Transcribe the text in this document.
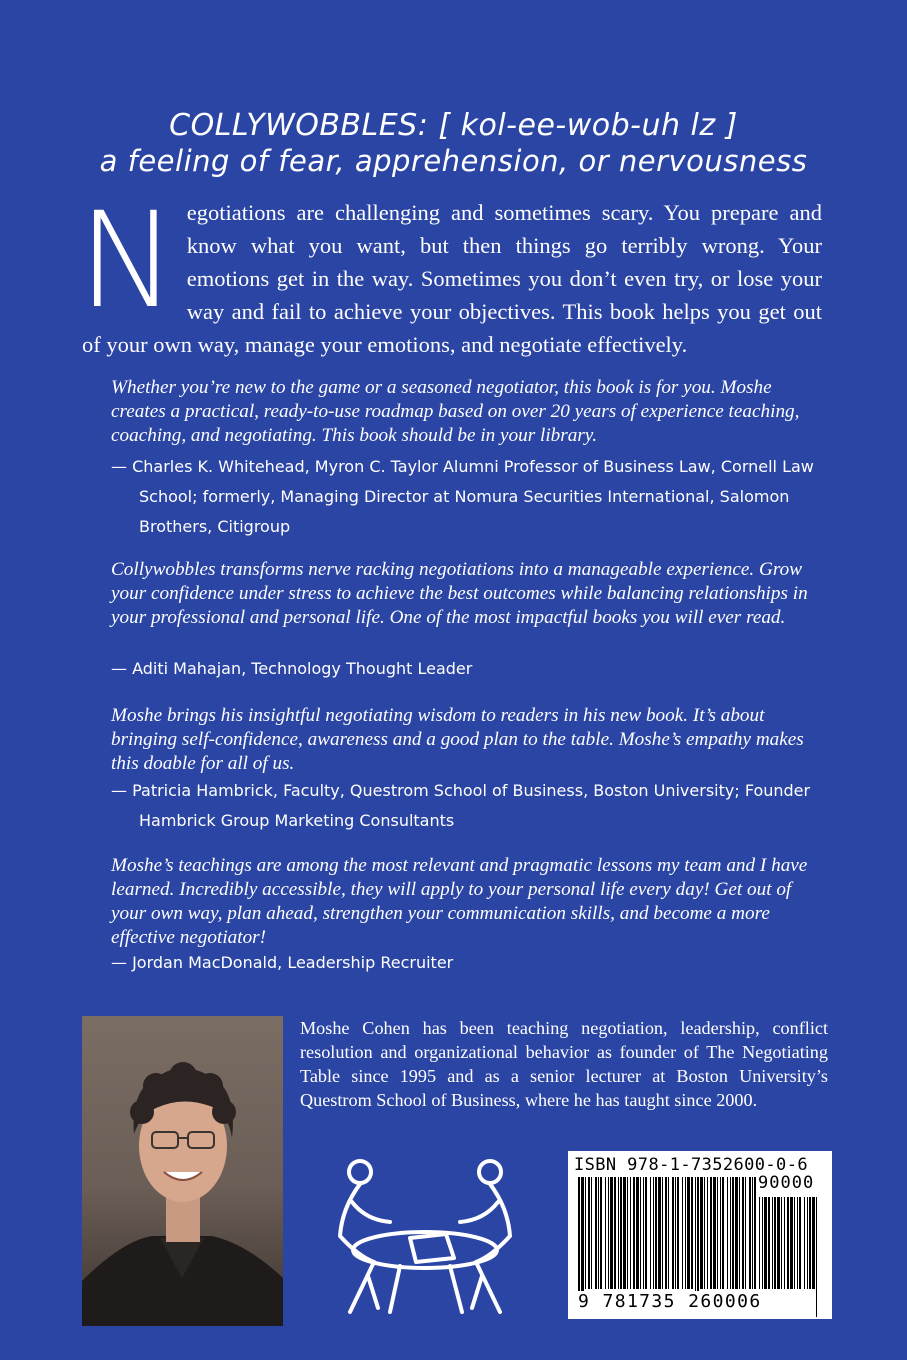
COLLYWOBBLES: [ kol-ee-wob-uh lz ]
a feeling of fear, apprehension, or nervousness

Negotiations are challenging and sometimes scary. You prepare and know what you want, but then things go terribly wrong. Your emotions get in the way. Sometimes you don’t even try, or lose your way and fail to achieve your objectives. This book helps you get out of your own way, manage your emotions, and negotiate effectively.

Whether you’re new to the game or a seasoned negotiator, this book is for you. Moshe creates a practical, ready-to-use roadmap based on over 20 years of experience teaching, coaching, and negotiating. This book should be in your library.

— Charles K. Whitehead, Myron C. Taylor Alumni Professor of Business Law, Cornell Law School; formerly, Managing Director at Nomura Securities International, Salomon Brothers, Citigroup

Collywobbles transforms nerve racking negotiations into a manageable experience. Grow your confidence under stress to achieve the best outcomes while balancing relationships in your professional and personal life. One of the most impactful books you will ever read.

— Aditi Mahajan, Technology Thought Leader

Moshe brings his insightful negotiating wisdom to readers in his new book. It’s about bringing self-confidence, awareness and a good plan to the table. Moshe’s empathy makes this doable for all of us.

— Patricia Hambrick, Faculty, Questrom School of Business, Boston University; Founder Hambrick Group Marketing Consultants

Moshe’s teachings are among the most relevant and pragmatic lessons my team and I have learned. Incredibly accessible, they will apply to your personal life every day! Get out of your own way, plan ahead, strengthen your communication skills, and become a more effective negotiator!

— Jordan MacDonald, Leadership Recruiter

Moshe Cohen has been teaching negotiation, leadership, conflict resolution and organizational behavior as founder of The Negotiating Table since 1995 and as a senior lecturer at Boston University’s Questrom School of Business, where he has taught since 2000.

ISBN 978-1-7352600-0-6
90000
9 781735 260006
